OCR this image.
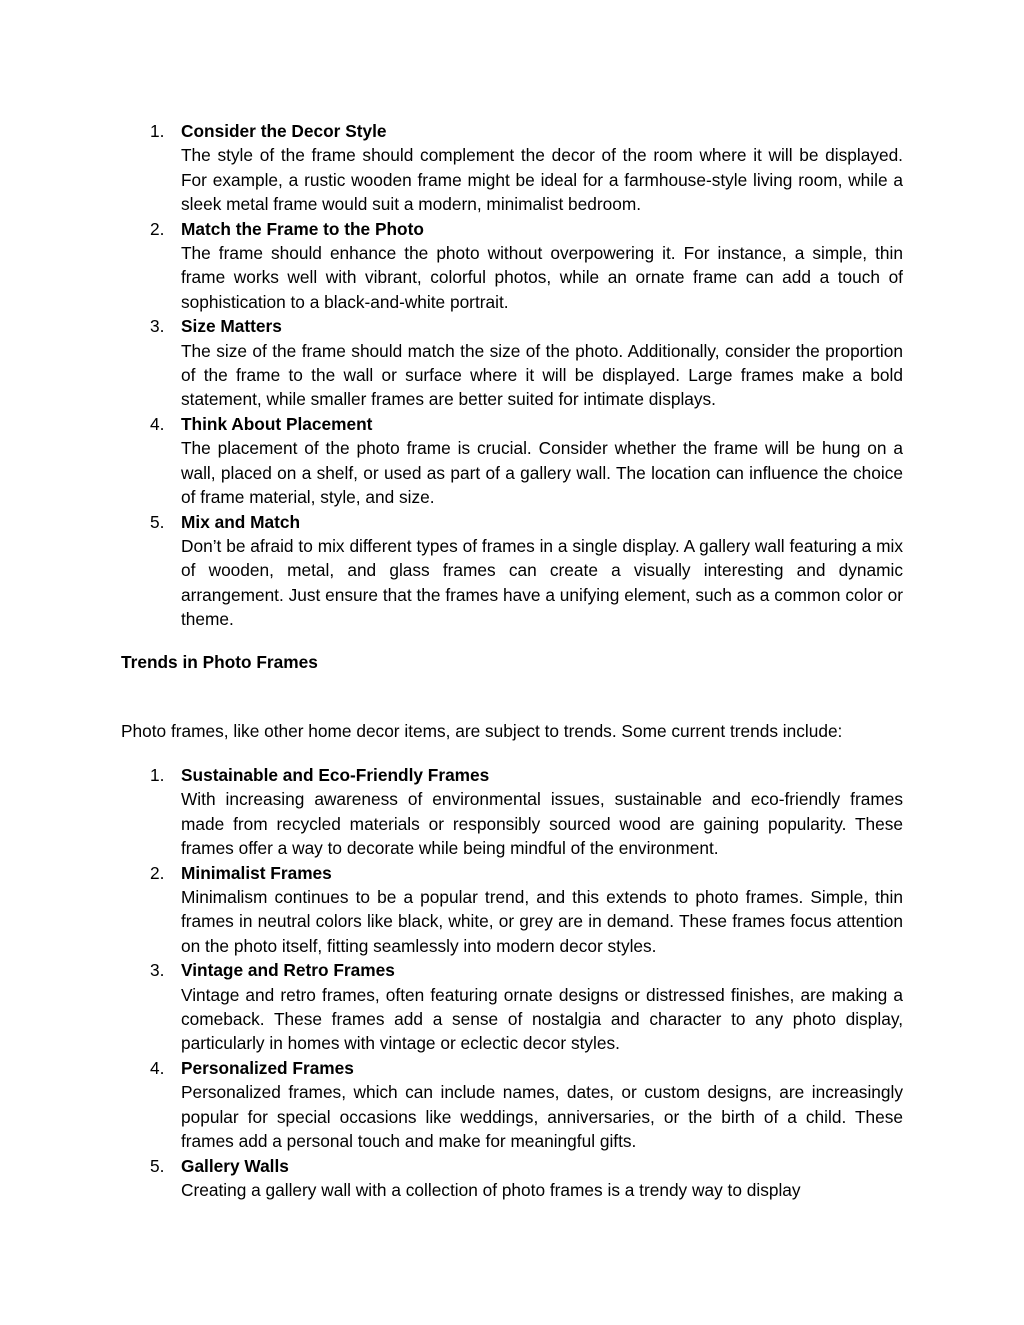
1. Consider the Decor Style
The style of the frame should complement the decor of the room where it will be displayed. For example, a rustic wooden frame might be ideal for a farmhouse-style living room, while a sleek metal frame would suit a modern, minimalist bedroom.
2. Match the Frame to the Photo
The frame should enhance the photo without overpowering it. For instance, a simple, thin frame works well with vibrant, colorful photos, while an ornate frame can add a touch of sophistication to a black-and-white portrait.
3. Size Matters
The size of the frame should match the size of the photo. Additionally, consider the proportion of the frame to the wall or surface where it will be displayed. Large frames make a bold statement, while smaller frames are better suited for intimate displays.
4. Think About Placement
The placement of the photo frame is crucial. Consider whether the frame will be hung on a wall, placed on a shelf, or used as part of a gallery wall. The location can influence the choice of frame material, style, and size.
5. Mix and Match
Don’t be afraid to mix different types of frames in a single display. A gallery wall featuring a mix of wooden, metal, and glass frames can create a visually interesting and dynamic arrangement. Just ensure that the frames have a unifying element, such as a common color or theme.
Trends in Photo Frames

Photo frames, like other home decor items, are subject to trends. Some current trends include:

1. Sustainable and Eco-Friendly Frames
With increasing awareness of environmental issues, sustainable and eco-friendly frames made from recycled materials or responsibly sourced wood are gaining popularity. These frames offer a way to decorate while being mindful of the environment.
2. Minimalist Frames
Minimalism continues to be a popular trend, and this extends to photo frames. Simple, thin frames in neutral colors like black, white, or grey are in demand. These frames focus attention on the photo itself, fitting seamlessly into modern decor styles.
3. Vintage and Retro Frames
Vintage and retro frames, often featuring ornate designs or distressed finishes, are making a comeback. These frames add a sense of nostalgia and character to any photo display, particularly in homes with vintage or eclectic decor styles.
4. Personalized Frames
Personalized frames, which can include names, dates, or custom designs, are increasingly popular for special occasions like weddings, anniversaries, or the birth of a child. These frames add a personal touch and make for meaningful gifts.
5. Gallery Walls
Creating a gallery wall with a collection of photo frames is a trendy way to display
